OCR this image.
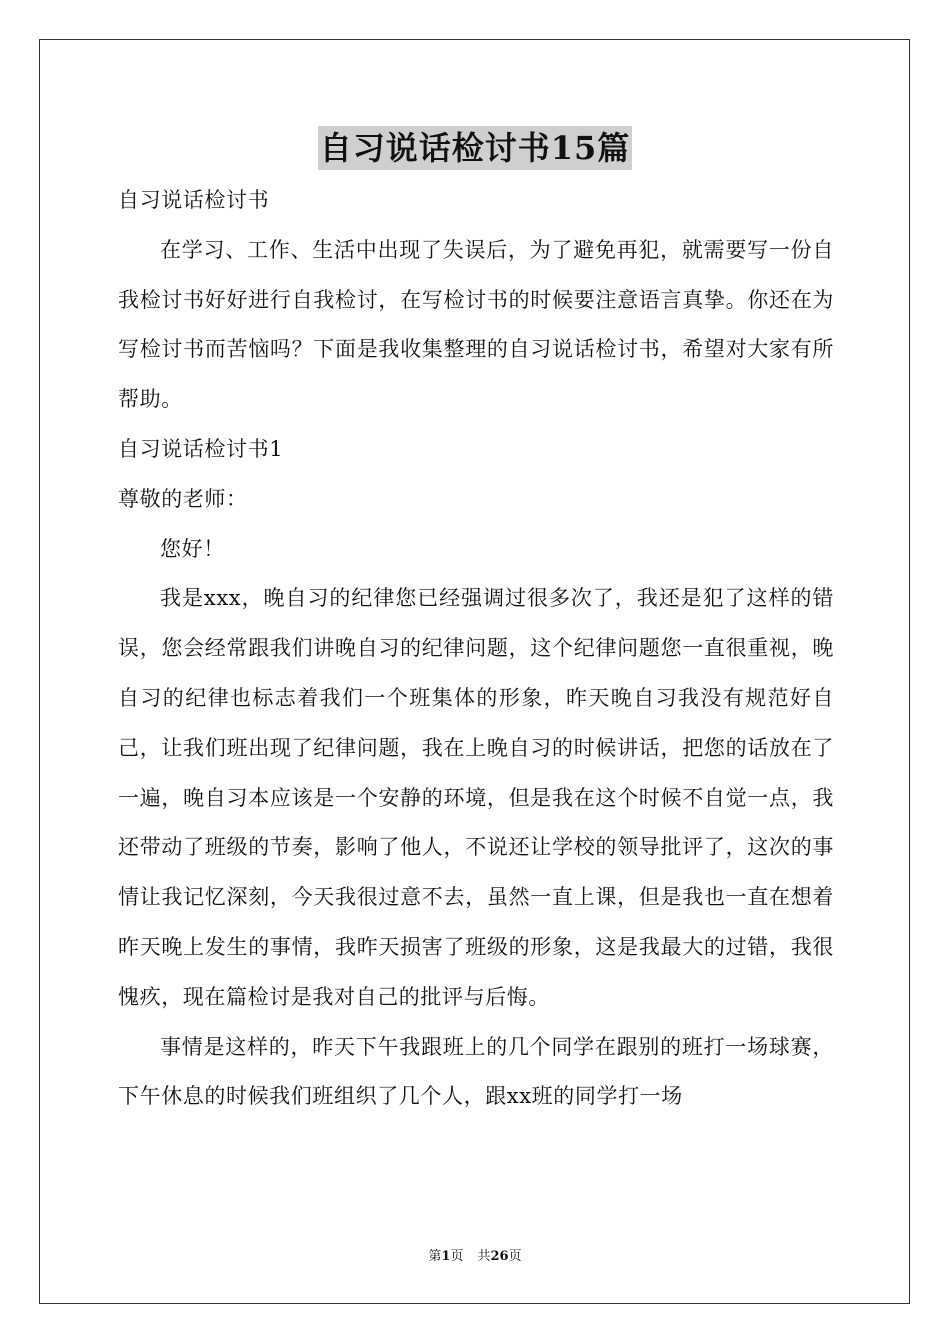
自习说话检讨书15篇

自习说话检讨书

在学习、工作、生活中出现了失误后，为了避免再犯，就需要写一份自我检讨书好好进行自我检讨，在写检讨书的时候要注意语言真挚。你还在为写检讨书而苦恼吗？下面是我收集整理的自习说话检讨书，希望对大家有所帮助。

自习说话检讨书1

尊敬的老师：

您好！

我是xxx，晚自习的纪律您已经强调过很多次了，我还是犯了这样的错误，您会经常跟我们讲晚自习的纪律问题，这个纪律问题您一直很重视，晚自习的纪律也标志着我们一个班集体的形象，昨天晚自习我没有规范好自己，让我们班出现了纪律问题，我在上晚自习的时候讲话，把您的话放在了一遍，晚自习本应该是一个安静的环境，但是我在这个时候不自觉一点，我还带动了班级的节奏，影响了他人，不说还让学校的领导批评了，这次的事情让我记忆深刻，今天我很过意不去，虽然一直上课，但是我也一直在想着昨天晚上发生的事情，我昨天损害了班级的形象，这是我最大的过错，我很愧疚，现在篇检讨是我对自己的批评与后悔。

事情是这样的，昨天下午我跟班上的几个同学在跟别的班打一场球赛，下午休息的时候我们班组织了几个人，跟xx班的同学打一场

第1页 共26页
